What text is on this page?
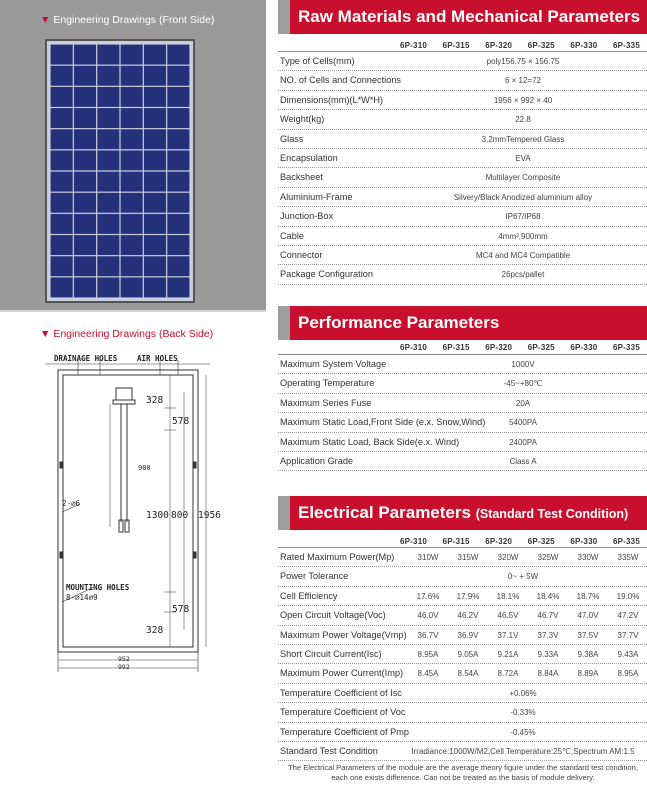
▼ Engineering Drawings (Front Side)
▼ Engineering Drawings (Back Side)
DRAINAGE HOLES	AIR HOLES
328
578
900
2-⌀6
1300 800 1956
MOUNTING HOLES
8-⌀14⌀9
578
328
952
992
Raw Materials and Mechanical Parameters
6P-310 6P-315 6P-320 6P-325 6P-330 6P-335
Type of Cells(mm)	poly156.75 × 156.75
NO. of Cells and Connections	6 × 12=72
Dimensions(mm)(L*W*H)	1956 × 992 × 40
Weight(kg)	22.8
Glass	3.2mmTempered Glass
Encapsulation	EVA
Backsheet	Multilayer Composite
Aluminium-Frame	Silvery/Black Anodized aluminium alloy
Junction-Box	IP67/IP68
Cable	4mm²,900mm
Connector	MC4 and MC4 Compatible
Package Configuration	26pcs/pallet
Performance Parameters
6P-310 6P-315 6P-320 6P-325 6P-330 6P-335
Maximum System Voltage	1000V
Operating Temperature	-45~+80℃
Maximum Series Fuse	20A
Maximum Static Load,Front Side (e.x. Snow,Wind)	5400PA
Maximum Static Load, Back Side(e.x. Wind)	2400PA
Application Grade	Class A
Electrical Parameters (Standard Test Condition)
6P-310 6P-315 6P-320 6P-325 6P-330 6P-335
Rated Maximum Power(Mp)	310W	315W	320W	325W	330W	335W
Power Tolerance	0~ + 5W
Cell Efficiency	17.6%	17.9%	18.1%	18.4%	18.7%	19.0%
Open Circuit Voltage(Voc)	46.0V	46.2V	46.5V	46.7V	47.0V	47.2V
Maximum Power Voltage(Vmp)	36.7V	36.9V	37.1V	37.3V	37.5V	37.7V
Short Circuit Current(Isc)	8.95A	9.05A	9.21A	9.33A	9.38A	9.43A
Maximum Power Current(Imp)	8.45A	8.54A	8.72A	8.84A	8.89A	8.95A
Temperature Coefficient of Isc	+0.06%
Temperature Coefficient of Voc	-0.33%
Temperature Coefficient of Pmp	-0.45%
Standard Test Condition	Irradiance:1000W/M2,Cell Temperature:25℃,Spectrum AM:1.5
The Electrical Parameters of the module are the average theory figure under the standard test condition, each one exists difference. Can not be treated as the basis of module delivery.
